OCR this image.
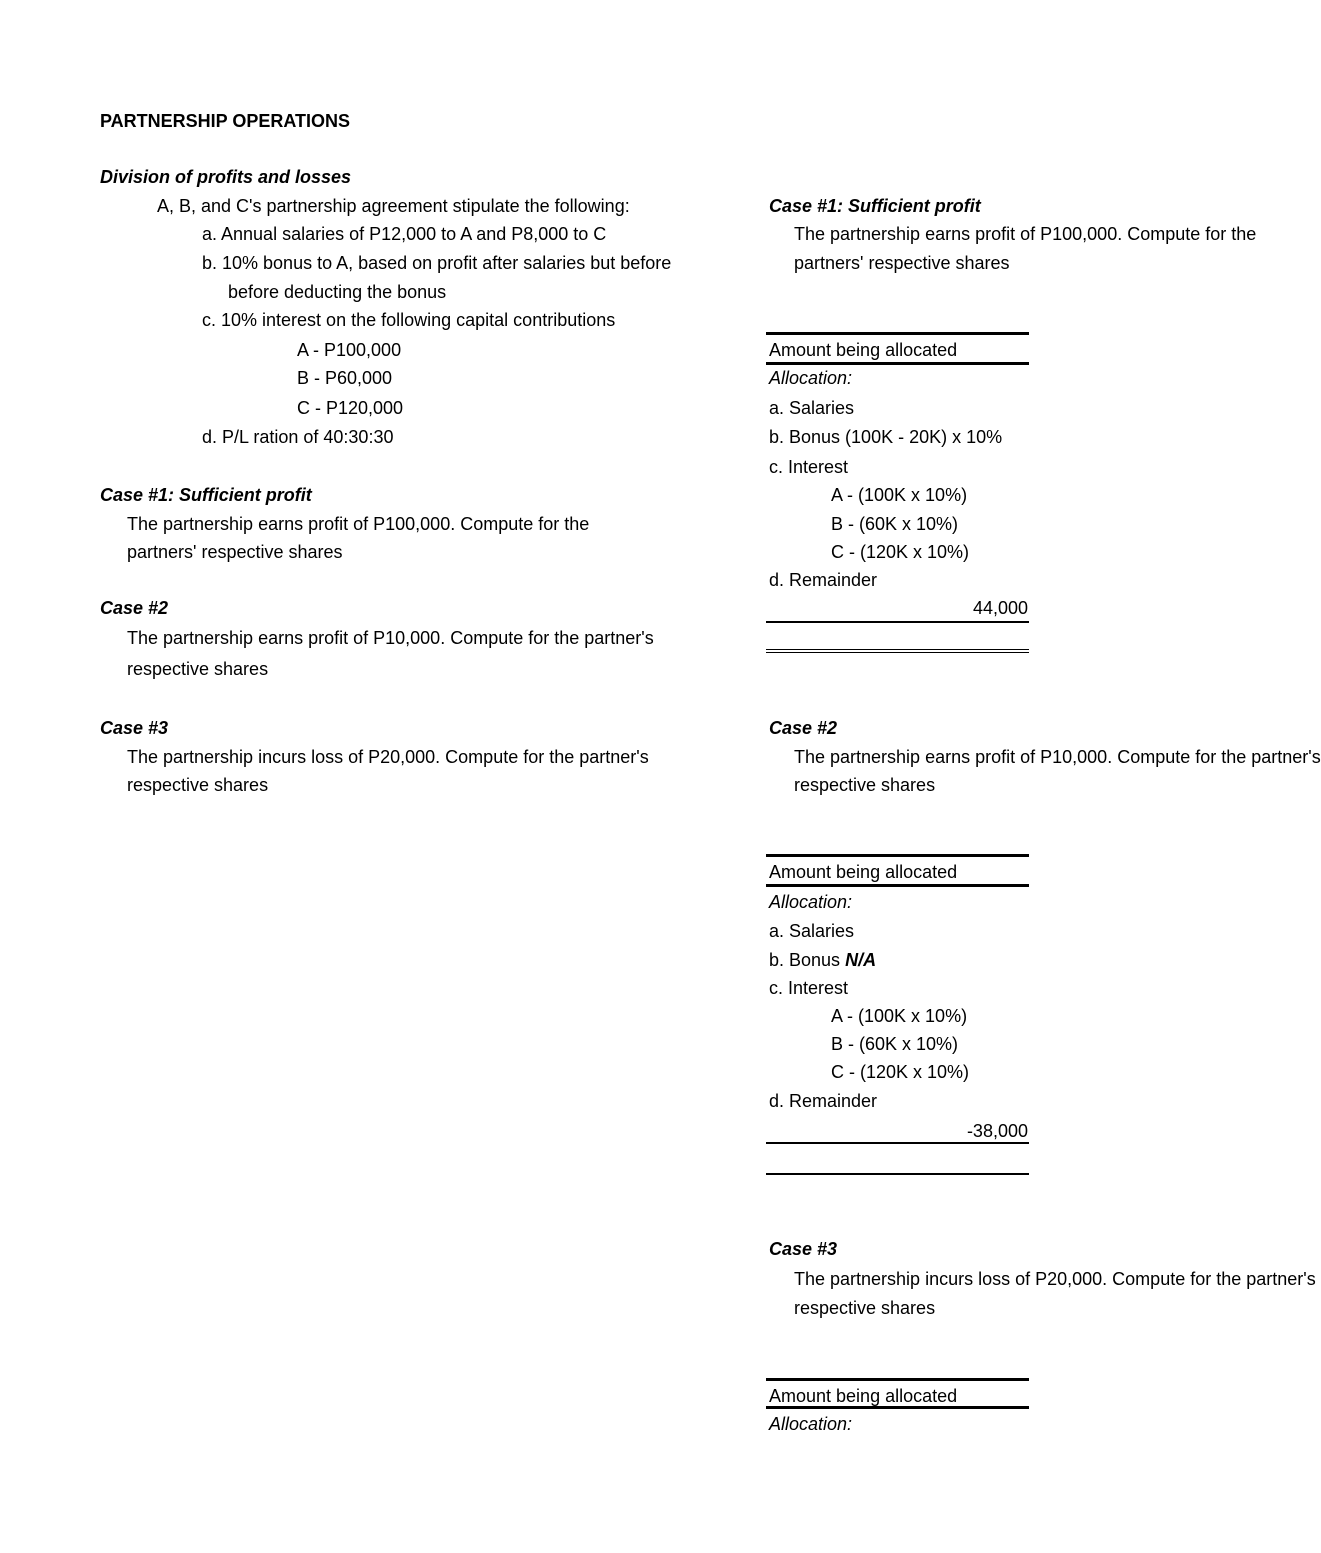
PARTNERSHIP OPERATIONS
Division of profits and losses
A, B, and C's partnership agreement stipulate the following:
a. Annual salaries of P12,000 to A and P8,000 to C
b. 10% bonus to A, based on profit after salaries but before
before deducting the bonus
c. 10% interest on the following capital contributions
A - P100,000
B - P60,000
C - P120,000
d. P/L ration of 40:30:30
Case #1: Sufficient profit
The partnership earns profit of P100,000. Compute for the
partners' respective shares
Case #2
The partnership earns profit of P10,000. Compute for the partner's
respective shares
Case #3
The partnership incurs loss of P20,000. Compute for the partner's
respective shares
Case #1: Sufficient profit
The partnership earns profit of P100,000. Compute for the
partners' respective shares
Amount being allocated
Allocation:
a. Salaries
b. Bonus (100K - 20K) x 10%
c. Interest
A - (100K x 10%)
B - (60K x 10%)
C - (120K x 10%)
d. Remainder
44,000
Case #2
The partnership earns profit of P10,000. Compute for the partner's
respective shares
Amount being allocated
Allocation:
a. Salaries
b. Bonus N/A
c. Interest
A - (100K x 10%)
B - (60K x 10%)
C - (120K x 10%)
d. Remainder
-38,000
Case #3
The partnership incurs loss of P20,000. Compute for the partner's
respective shares
Amount being allocated
Allocation:
